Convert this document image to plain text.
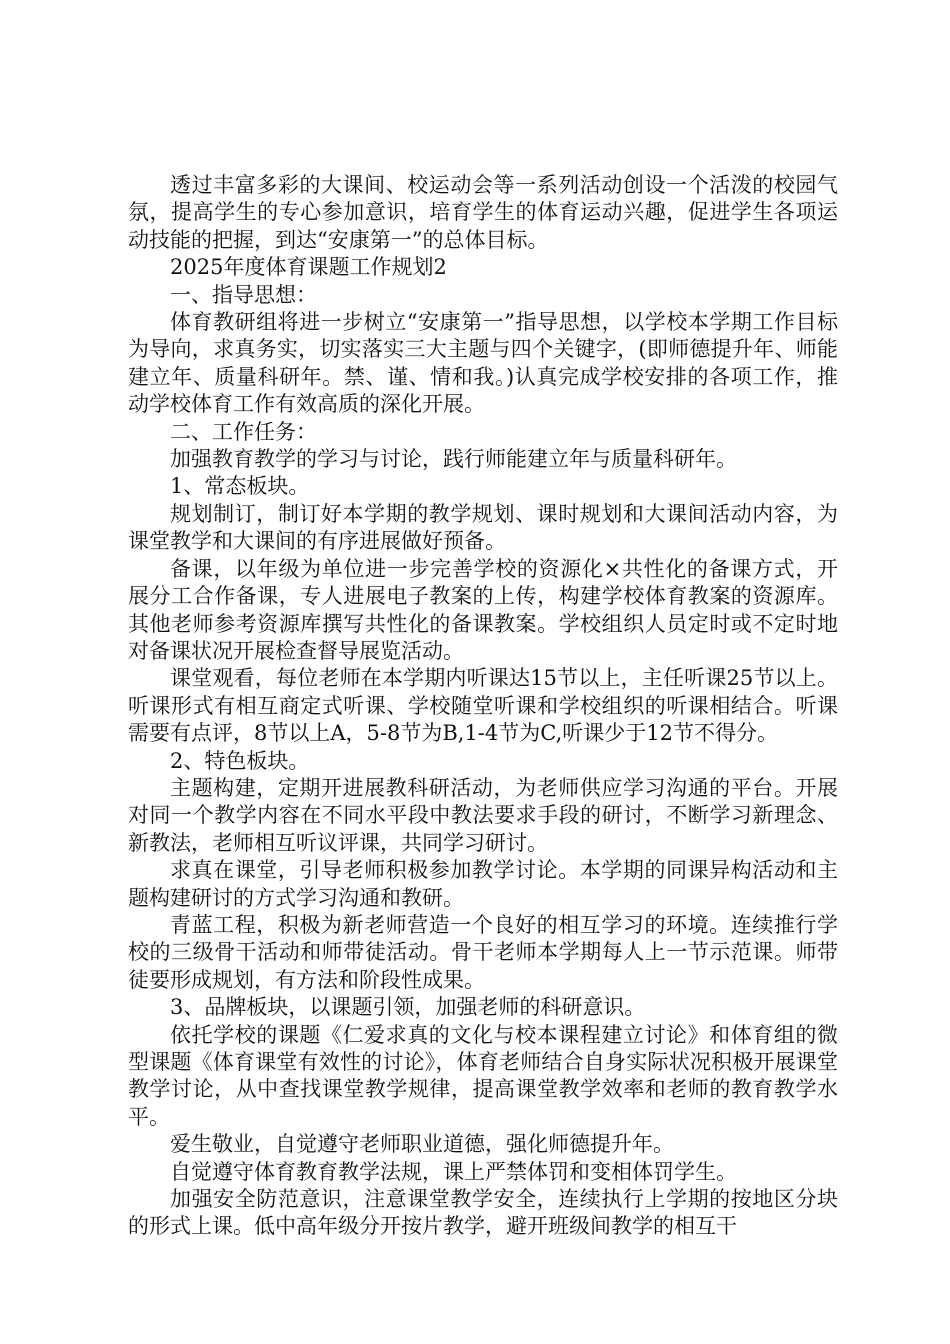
透过丰富多彩的大课间、校运动会等一系列活动创设一个活泼的校园气氛，提高学生的专心参加意识，培育学生的体育运动兴趣，促进学生各项运动技能的把握，到达“安康第一”的总体目标。

2025年度体育课题工作规划2

一、指导思想：

体育教研组将进一步树立“安康第一”指导思想，以学校本学期工作目标为导向，求真务实，切实落实三大主题与四个关键字，(即师德提升年、师能建立年、质量科研年。禁、谨、情和我。)认真完成学校安排的各项工作，推动学校体育工作有效高质的深化开展。

二、工作任务：

加强教育教学的学习与讨论，践行师能建立年与质量科研年。

1、常态板块。

规划制订，制订好本学期的教学规划、课时规划和大课间活动内容，为课堂教学和大课间的有序进展做好预备。

备课，以年级为单位进一步完善学校的资源化×共性化的备课方式，开展分工合作备课，专人进展电子教案的上传，构建学校体育教案的资源库。其他老师参考资源库撰写共性化的备课教案。学校组织人员定时或不定时地对备课状况开展检查督导展览活动。

课堂观看，每位老师在本学期内听课达15节以上，主任听课25节以上。听课形式有相互商定式听课、学校随堂听课和学校组织的听课相结合。听课需要有点评，8节以上A，5-8节为B,1-4节为C,听课少于12节不得分。

2、特色板块。

主题构建，定期开进展教科研活动，为老师供应学习沟通的平台。开展对同一个教学内容在不同水平段中教法要求手段的研讨，不断学习新理念、新教法，老师相互听议评课，共同学习研讨。

求真在课堂，引导老师积极参加教学讨论。本学期的同课异构活动和主题构建研讨的方式学习沟通和教研。

青蓝工程，积极为新老师营造一个良好的相互学习的环境。连续推行学校的三级骨干活动和师带徒活动。骨干老师本学期每人上一节示范课。师带徒要形成规划，有方法和阶段性成果。

3、品牌板块，以课题引领，加强老师的科研意识。

依托学校的课题《仁爱求真的文化与校本课程建立讨论》和体育组的微型课题《体育课堂有效性的讨论》，体育老师结合自身实际状况积极开展课堂教学讨论，从中查找课堂教学规律，提高课堂教学效率和老师的教育教学水平。

爱生敬业，自觉遵守老师职业道德，强化师德提升年。

自觉遵守体育教育教学法规，课上严禁体罚和变相体罚学生。

加强安全防范意识，注意课堂教学安全，连续执行上学期的按地区分块的形式上课。低中高年级分开按片教学，避开班级间教学的相互干
